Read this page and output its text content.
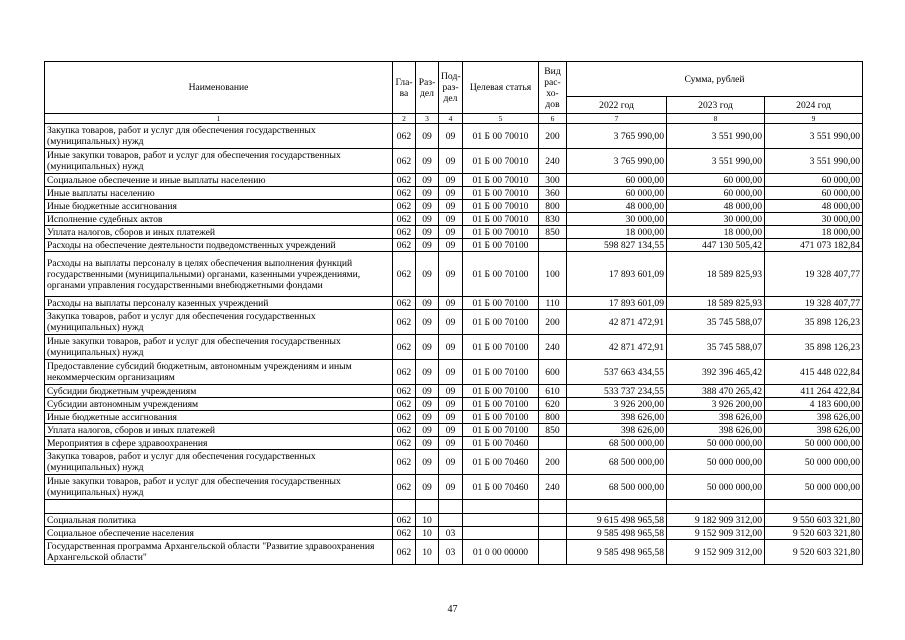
Наименование	Гла-ва	Раз-дел	Под-раз-дел	Целевая статья	Вид рас-хо-дов	Сумма, рублей		
						2022 год	2023 год	2024 год
1	2	3	4	5	6	7	8	9
Закупка товаров, работ и услуг для обеспечения государственных (муниципальных) нужд	062	09	09	01 Б 00 70010	200	3 765 990,00	3 551 990,00	3 551 990,00
Иные закупки товаров, работ и услуг для обеспечения государственных (муниципальных) нужд	062	09	09	01 Б 00 70010	240	3 765 990,00	3 551 990,00	3 551 990,00
Социальное обеспечение и иные выплаты населению	062	09	09	01 Б 00 70010	300	60 000,00	60 000,00	60 000,00
Иные выплаты населению	062	09	09	01 Б 00 70010	360	60 000,00	60 000,00	60 000,00
Иные бюджетные ассигнования	062	09	09	01 Б 00 70010	800	48 000,00	48 000,00	48 000,00
Исполнение судебных актов	062	09	09	01 Б 00 70010	830	30 000,00	30 000,00	30 000,00
Уплата налогов, сборов и иных платежей	062	09	09	01 Б 00 70010	850	18 000,00	18 000,00	18 000,00
Расходы на обеспечение деятельности подведомственных учреждений	062	09	09	01 Б 00 70100		598 827 134,55	447 130 505,42	471 073 182,84
Расходы на выплаты персоналу в целях обеспечения выполнения функций государственными (муниципальными) органами, казенными учреждениями, органами управления государственными внебюджетными фондами	062	09	09	01 Б 00 70100	100	17 893 601,09	18 589 825,93	19 328 407,77
Расходы на выплаты персоналу казенных учреждений	062	09	09	01 Б 00 70100	110	17 893 601,09	18 589 825,93	19 328 407,77
Закупка товаров, работ и услуг для обеспечения государственных (муниципальных) нужд	062	09	09	01 Б 00 70100	200	42 871 472,91	35 745 588,07	35 898 126,23
Иные закупки товаров, работ и услуг для обеспечения государственных (муниципальных) нужд	062	09	09	01 Б 00 70100	240	42 871 472,91	35 745 588,07	35 898 126,23
Предоставление субсидий бюджетным, автономным учреждениям и иным некоммерческим организациям	062	09	09	01 Б 00 70100	600	537 663 434,55	392 396 465,42	415 448 022,84
Субсидии бюджетным учреждениям	062	09	09	01 Б 00 70100	610	533 737 234,55	388 470 265,42	411 264 422,84
Субсидии автономным учреждениям	062	09	09	01 Б 00 70100	620	3 926 200,00	3 926 200,00	4 183 600,00
Иные бюджетные ассигнования	062	09	09	01 Б 00 70100	800	398 626,00	398 626,00	398 626,00
Уплата налогов, сборов и иных платежей	062	09	09	01 Б 00 70100	850	398 626,00	398 626,00	398 626,00
Мероприятия в сфере здравоохранения	062	09	09	01 Б 00 70460		68 500 000,00	50 000 000,00	50 000 000,00
Закупка товаров, работ и услуг для обеспечения государственных (муниципальных) нужд	062	09	09	01 Б 00 70460	200	68 500 000,00	50 000 000,00	50 000 000,00
Иные закупки товаров, работ и услуг для обеспечения государственных (муниципальных) нужд	062	09	09	01 Б 00 70460	240	68 500 000,00	50 000 000,00	50 000 000,00

Социальная политика	062	10				9 615 498 965,58	9 182 909 312,00	9 550 603 321,80
Социальное обеспечение населения	062	10	03			9 585 498 965,58	9 152 909 312,00	9 520 603 321,80
Государственная программа Архангельской области "Развитие здравоохранения Архангельской области"	062	10	03	01 0 00 00000		9 585 498 965,58	9 152 909 312,00	9 520 603 321,80
47
